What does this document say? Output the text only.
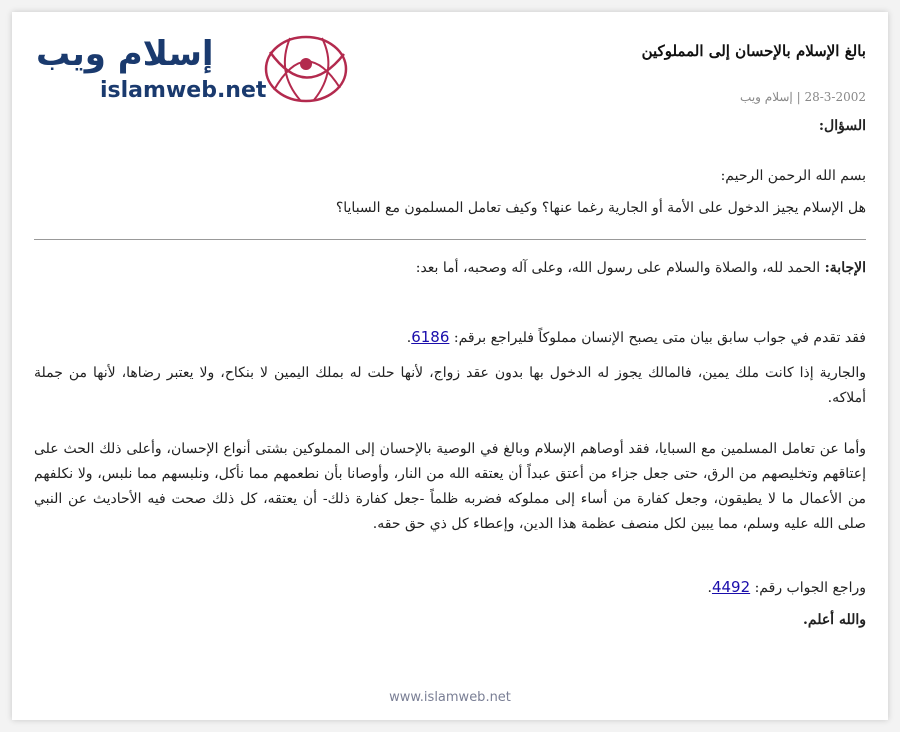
إسلام ويب
islamweb.net
بالغ الإسلام بالإحسان إلى المملوكين
28-3-2002 | إسلام ويب
السؤال:
بسم الله الرحمن الرحيم:
هل الإسلام يجيز الدخول على الأمة أو الجارية رغما عنها؟ وكيف تعامل المسلمون مع السبايا؟
الإجابة: الحمد لله، والصلاة والسلام على رسول الله، وعلى آله وصحبه، أما بعد:
فقد تقدم في جواب سابق بيان متى يصبح الإنسان مملوكاً فليراجع برقم: 6186.
والجارية إذا كانت ملك يمين، فالمالك يجوز له الدخول بها بدون عقد زواج، لأنها حلت له بملك اليمين لا بنكاح، ولا يعتبر رضاها، لأنها من جملة أملاكه.
وأما عن تعامل المسلمين مع السبايا، فقد أوصاهم الإسلام وبالغ في الوصية بالإحسان إلى المملوكين بشتى أنواع الإحسان، وأعلى ذلك الحث على إعتاقهم وتخليصهم من الرق، حتى جعل جزاء من أعتق عبداً أن يعتقه الله من النار، وأوصانا بأن نطعمهم مما نأكل، ونلبسهم مما نلبس، ولا نكلفهم من الأعمال ما لا يطيقون، وجعل كفارة من أساء إلى مملوكه فضربه ظلماً -جعل كفارة ذلك- أن يعتقه، كل ذلك صحت فيه الأحاديث عن النبي صلى الله عليه وسلم، مما يبين لكل منصف عظمة هذا الدين، وإعطاء كل ذي حق حقه.
وراجع الجواب رقم: 4492.
والله أعلم.
www.islamweb.net
